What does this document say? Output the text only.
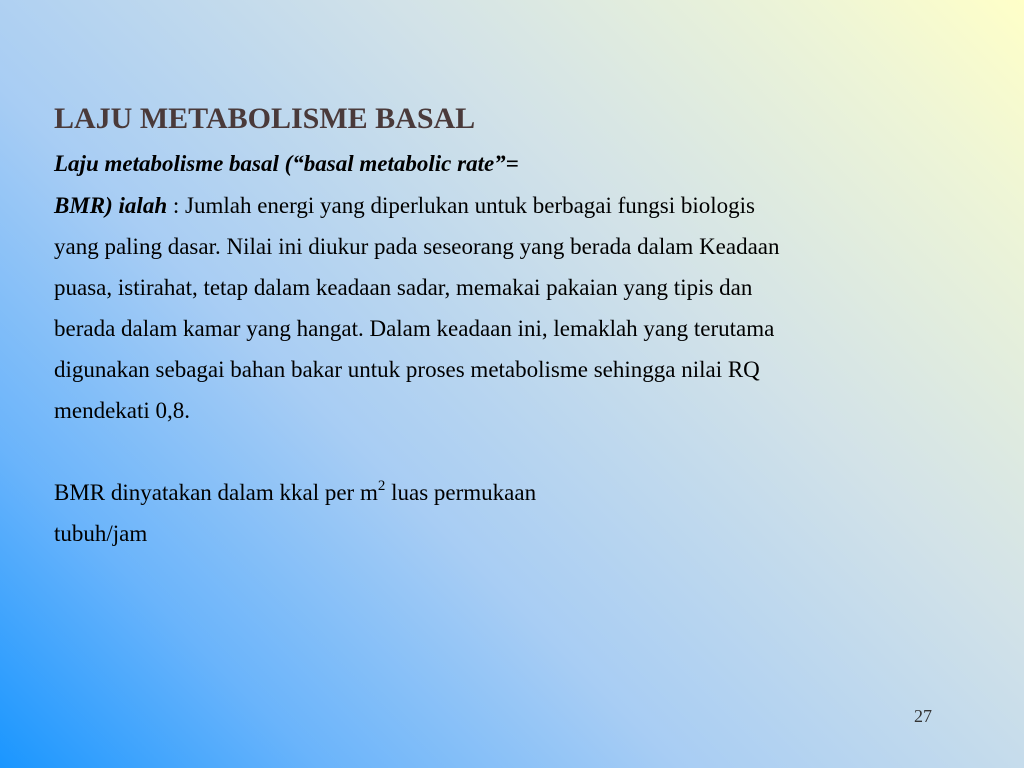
LAJU METABOLISME BASAL
Laju metabolisme basal (“basal metabolic rate”=
BMR) ialah : Jumlah energi yang diperlukan untuk berbagai fungsi biologis
yang paling dasar. Nilai ini diukur pada seseorang yang berada dalam Keadaan
puasa, istirahat, tetap dalam keadaan sadar, memakai pakaian yang tipis dan
berada dalam kamar yang hangat. Dalam keadaan ini, lemaklah yang terutama
digunakan sebagai bahan bakar untuk proses metabolisme sehingga nilai RQ
mendekati 0,8.
BMR dinyatakan dalam kkal per $m^2$ luas permukaan
tubuh/jam
27
